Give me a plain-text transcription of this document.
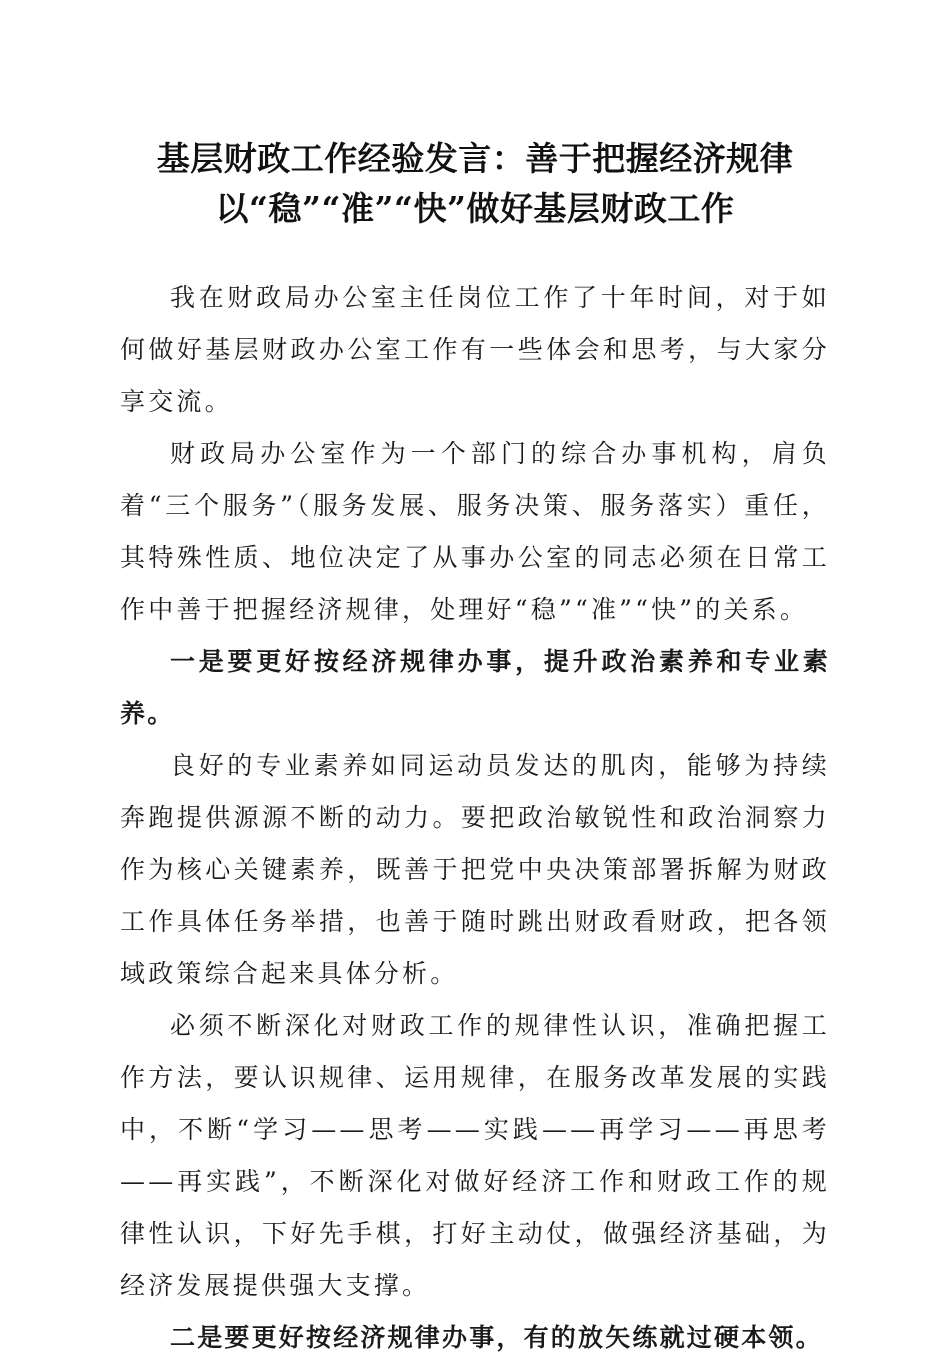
基层财政工作经验发言：善于把握经济规律
以“稳”“准”“快”做好基层财政工作

我在财政局办公室主任岗位工作了十年时间，对于如何做好基层财政办公室工作有一些体会和思考，与大家分享交流。

财政局办公室作为一个部门的综合办事机构，肩负着“三个服务”（服务发展、服务决策、服务落实）重任，其特殊性质、地位决定了从事办公室的同志必须在日常工作中善于把握经济规律，处理好“稳”“准”“快”的关系。

一是要更好按经济规律办事，提升政治素养和专业素养。

良好的专业素养如同运动员发达的肌肉，能够为持续奔跑提供源源不断的动力。要把政治敏锐性和政治洞察力作为核心关键素养，既善于把党中央决策部署拆解为财政工作具体任务举措，也善于随时跳出财政看财政，把各领域政策综合起来具体分析。

必须不断深化对财政工作的规律性认识，准确把握工作方法，要认识规律、运用规律，在服务改革发展的实践中，不断“学习——思考——实践——再学习——再思考——再实践”，不断深化对做好经济工作和财政工作的规律性认识，下好先手棋，打好主动仗，做强经济基础，为经济发展提供强大支撑。

二是要更好按经济规律办事，有的放矢练就过硬本领。
